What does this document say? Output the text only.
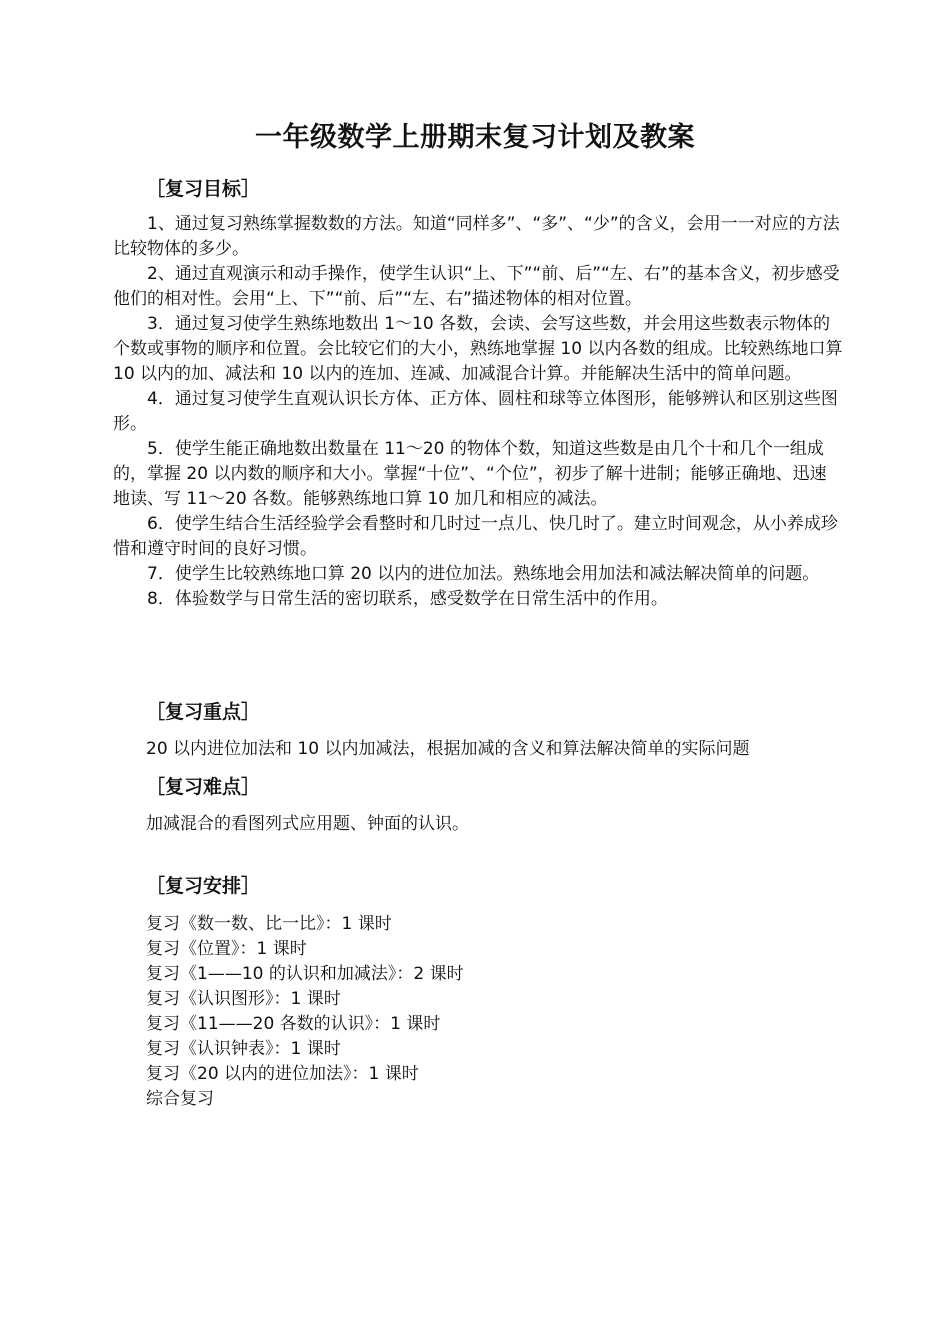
一年级数学上册期末复习计划及教案
［复习目标］
1、通过复习熟练掌握数数的方法。知道“同样多”、“多”、“少”的含义，会用一一对应的方法比较物体的多少。
2、通过直观演示和动手操作，使学生认识“上、下”“前、后”“左、右”的基本含义，初步感受他们的相对性。会用“上、下”“前、后”“左、右”描述物体的相对位置。
3．通过复习使学生熟练地数出 1～10 各数，会读、会写这些数，并会用这些数表示物体的个数或事物的顺序和位置。会比较它们的大小，熟练地掌握 10 以内各数的组成。比较熟练地口算 10 以内的加、减法和 10 以内的连加、连减、加减混合计算。并能解决生活中的简单问题。
4．通过复习使学生直观认识长方体、正方体、圆柱和球等立体图形，能够辨认和区别这些图形。
5．使学生能正确地数出数量在 11～20 的物体个数，知道这些数是由几个十和几个一组成的，掌握 20 以内数的顺序和大小。掌握“十位”、“个位”，初步了解十进制；能够正确地、迅速地读、写 11～20 各数。能够熟练地口算 10 加几和相应的减法。
6．使学生结合生活经验学会看整时和几时过一点儿、快几时了。建立时间观念，从小养成珍惜和遵守时间的良好习惯。
7．使学生比较熟练地口算 20 以内的进位加法。熟练地会用加法和减法解决简单的问题。
8．体验数学与日常生活的密切联系，感受数学在日常生活中的作用。
［复习重点］

20 以内进位加法和 10 以内加减法，根据加减的含义和算法解决简单的实际问题

［复习难点］

加减混合的看图列式应用题、钟面的认识。

［复习安排］
复习《数一数、比一比》：1 课时
复习《位置》：1 课时
复习《1——10 的认识和加减法》：2 课时
复习《认识图形》：1 课时
复习《11——20 各数的认识》：1 课时
复习《认识钟表》：1 课时
复习《20 以内的进位加法》：1 课时
综合复习
